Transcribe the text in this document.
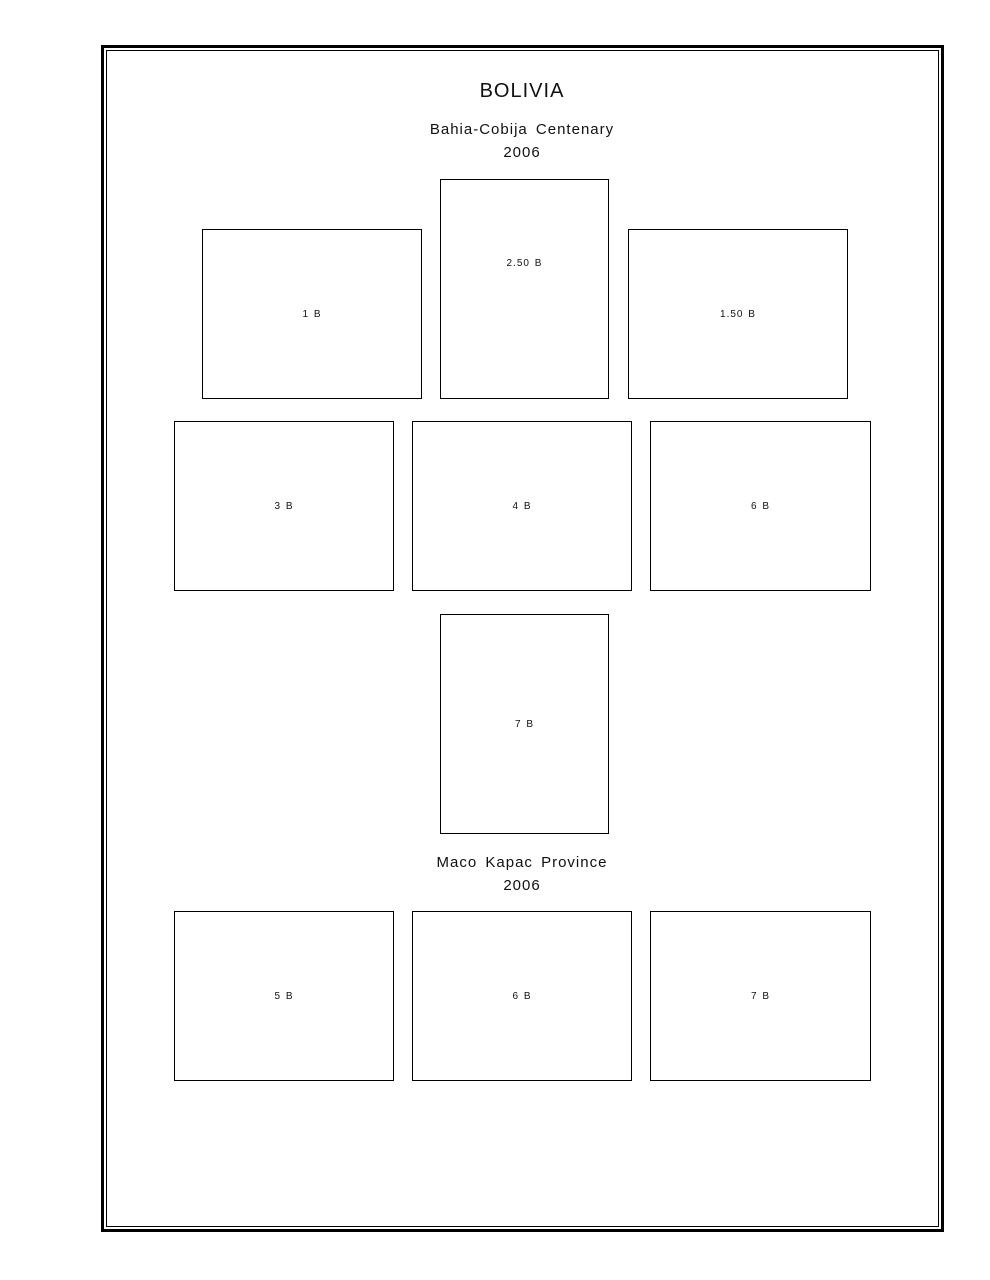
BOLIVIA
Bahia-Cobija Centenary
2006
1 B
2.50 B
1.50 B
3 B	4 B	6 B
7 B
Maco Kapac Province
2006
5 B	6 B	7 B
